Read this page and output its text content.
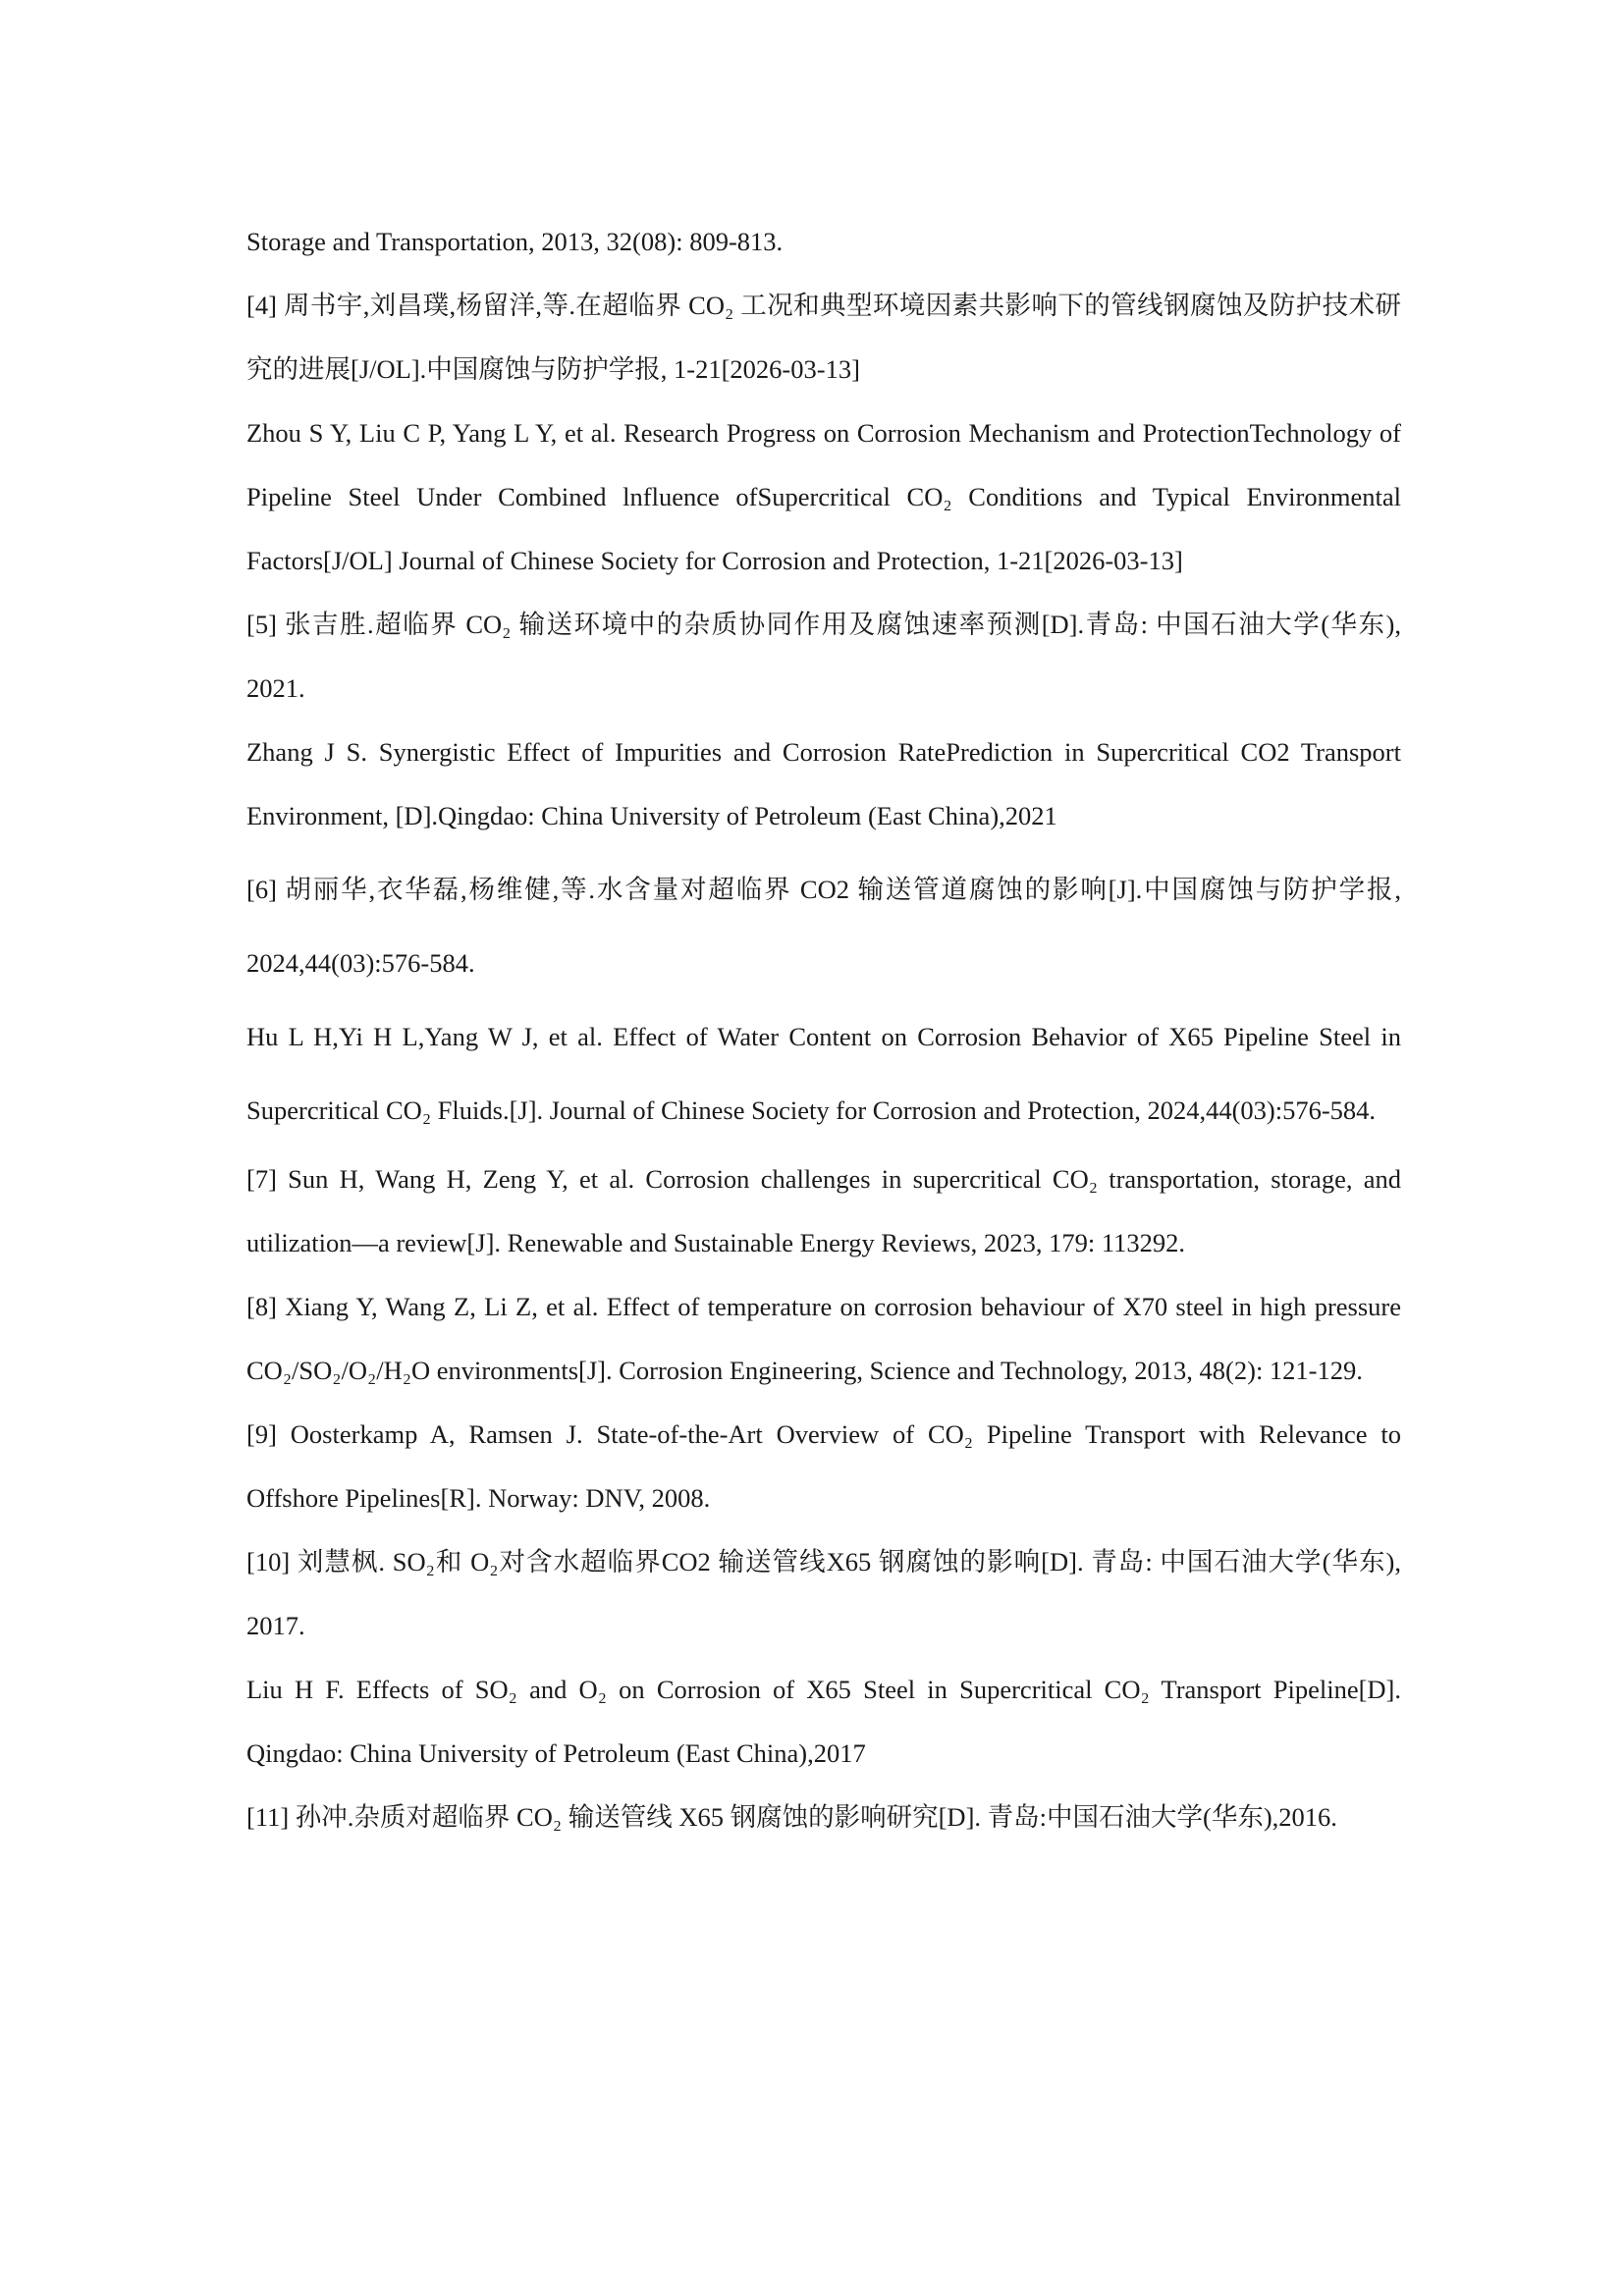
Storage and Transportation, 2013, 32(08): 809-813.

[4] 周书宇,刘昌璞,杨留洋,等.在超临界 CO₂ 工况和典型环境因素共影响下的管线钢腐蚀及防护技术研究的进展[J/OL].中国腐蚀与防护学报, 1-21[2026-03-13]

Zhou S Y, Liu C P, Yang L Y, et al. Research Progress on Corrosion Mechanism and ProtectionTechnology of Pipeline Steel Under Combined lnfluence ofSupercritical CO₂ Conditions and Typical Environmental Factors[J/OL] Journal of Chinese Society for Corrosion and Protection, 1-21[2026-03-13]

[5] 张吉胜.超临界 CO₂ 输送环境中的杂质协同作用及腐蚀速率预测[D].青岛: 中国石油大学(华东), 2021.

Zhang J S. Synergistic Effect of Impurities and Corrosion RatePrediction in Supercritical CO2 Transport Environment, [D].Qingdao: China University of Petroleum (East China),2021

[6] 胡丽华,衣华磊,杨维健,等.水含量对超临界 CO2 输送管道腐蚀的影响[J].中国腐蚀与防护学报, 2024,44(03):576-584.

Hu L H,Yi H L,Yang W J, et al. Effect of Water Content on Corrosion Behavior of X65 Pipeline Steel in Supercritical CO₂ Fluids.[J]. Journal of Chinese Society for Corrosion and Protection, 2024,44(03):576-584.

[7] Sun H, Wang H, Zeng Y, et al. Corrosion challenges in supercritical CO₂ transportation, storage, and utilization—a review[J]. Renewable and Sustainable Energy Reviews, 2023, 179: 113292.

[8] Xiang Y, Wang Z, Li Z, et al. Effect of temperature on corrosion behaviour of X70 steel in high pressure CO₂/SO₂/O₂/H₂O environments[J]. Corrosion Engineering, Science and Technology, 2013, 48(2): 121-129.

[9] Oosterkamp A, Ramsen J. State-of-the-Art Overview of CO₂ Pipeline Transport with Relevance to Offshore Pipelines[R]. Norway: DNV, 2008.

[10] 刘慧枫. SO₂和 O₂对含水超临界CO2 输送管线X65 钢腐蚀的影响[D]. 青岛: 中国石油大学(华东), 2017.

Liu H F. Effects of SO₂ and O₂ on Corrosion of X65 Steel in Supercritical CO₂ Transport Pipeline[D]. Qingdao: China University of Petroleum (East China),2017

[11] 孙冲.杂质对超临界 CO₂ 输送管线 X65 钢腐蚀的影响研究[D]. 青岛:中国石油大学(华东),2016.
